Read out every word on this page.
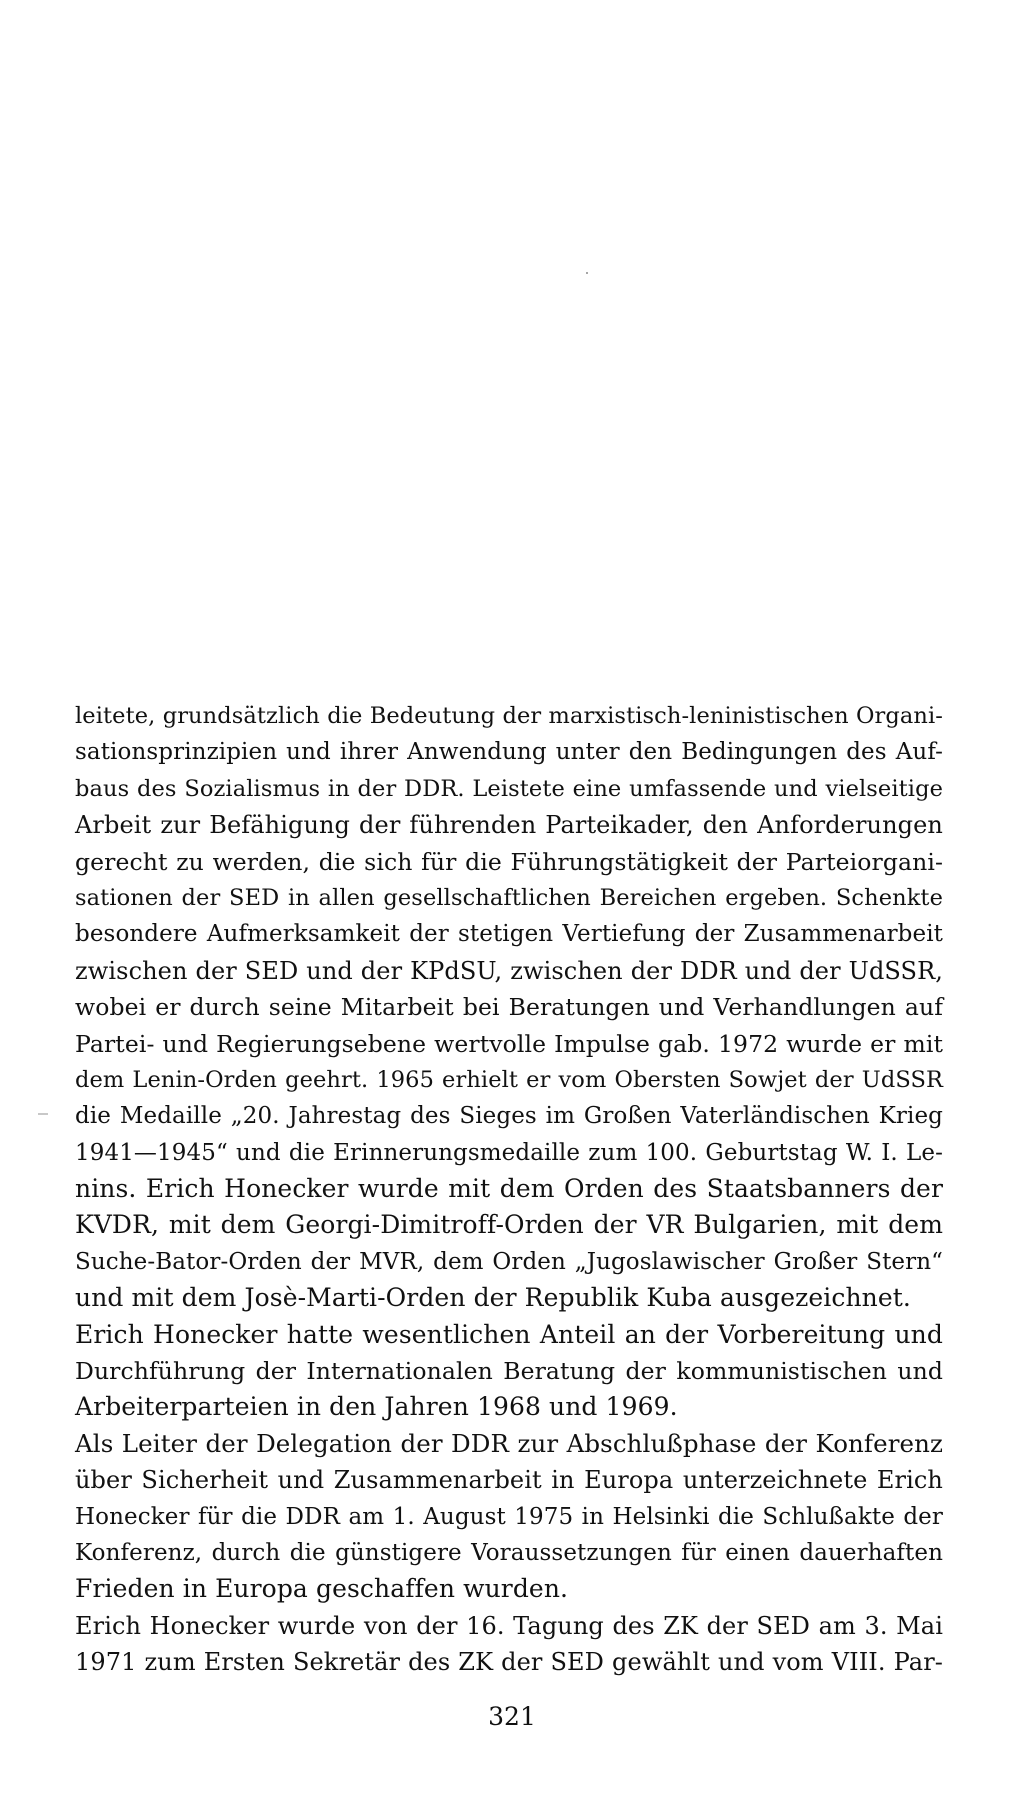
leitete, grundsätzlich die Bedeutung der marxistisch-leninistischen Organi-
sationsprinzipien und ihrer Anwendung unter den Bedingungen des Auf-
baus des Sozialismus in der DDR. Leistete eine umfassende und vielseitige
Arbeit zur Befähigung der führenden Parteikader, den Anforderungen
gerecht zu werden, die sich für die Führungstätigkeit der Parteiorgani-
sationen der SED in allen gesellschaftlichen Bereichen ergeben. Schenkte
besondere Aufmerksamkeit der stetigen Vertiefung der Zusammenarbeit
zwischen der SED und der KPdSU, zwischen der DDR und der UdSSR,
wobei er durch seine Mitarbeit bei Beratungen und Verhandlungen auf
Partei- und Regierungsebene wertvolle Impulse gab. 1972 wurde er mit
dem Lenin-Orden geehrt. 1965 erhielt er vom Obersten Sowjet der UdSSR
die Medaille „20. Jahrestag des Sieges im Großen Vaterländischen Krieg
1941—1945“ und die Erinnerungsmedaille zum 100. Geburtstag W. I. Le-
nins. Erich Honecker wurde mit dem Orden des Staatsbanners der
KVDR, mit dem Georgi-Dimitroff-Orden der VR Bulgarien, mit dem
Suche-Bator-Orden der MVR, dem Orden „Jugoslawischer Großer Stern“
und mit dem Josè-Marti-Orden der Republik Kuba ausgezeichnet.
Erich Honecker hatte wesentlichen Anteil an der Vorbereitung und
Durchführung der Internationalen Beratung der kommunistischen und
Arbeiterparteien in den Jahren 1968 und 1969.
Als Leiter der Delegation der DDR zur Abschlußphase der Konferenz
über Sicherheit und Zusammenarbeit in Europa unterzeichnete Erich
Honecker für die DDR am 1. August 1975 in Helsinki die Schlußakte der
Konferenz, durch die günstigere Voraussetzungen für einen dauerhaften
Frieden in Europa geschaffen wurden.
Erich Honecker wurde von der 16. Tagung des ZK der SED am 3. Mai
1971 zum Ersten Sekretär des ZK der SED gewählt und vom VIII. Par-
321
